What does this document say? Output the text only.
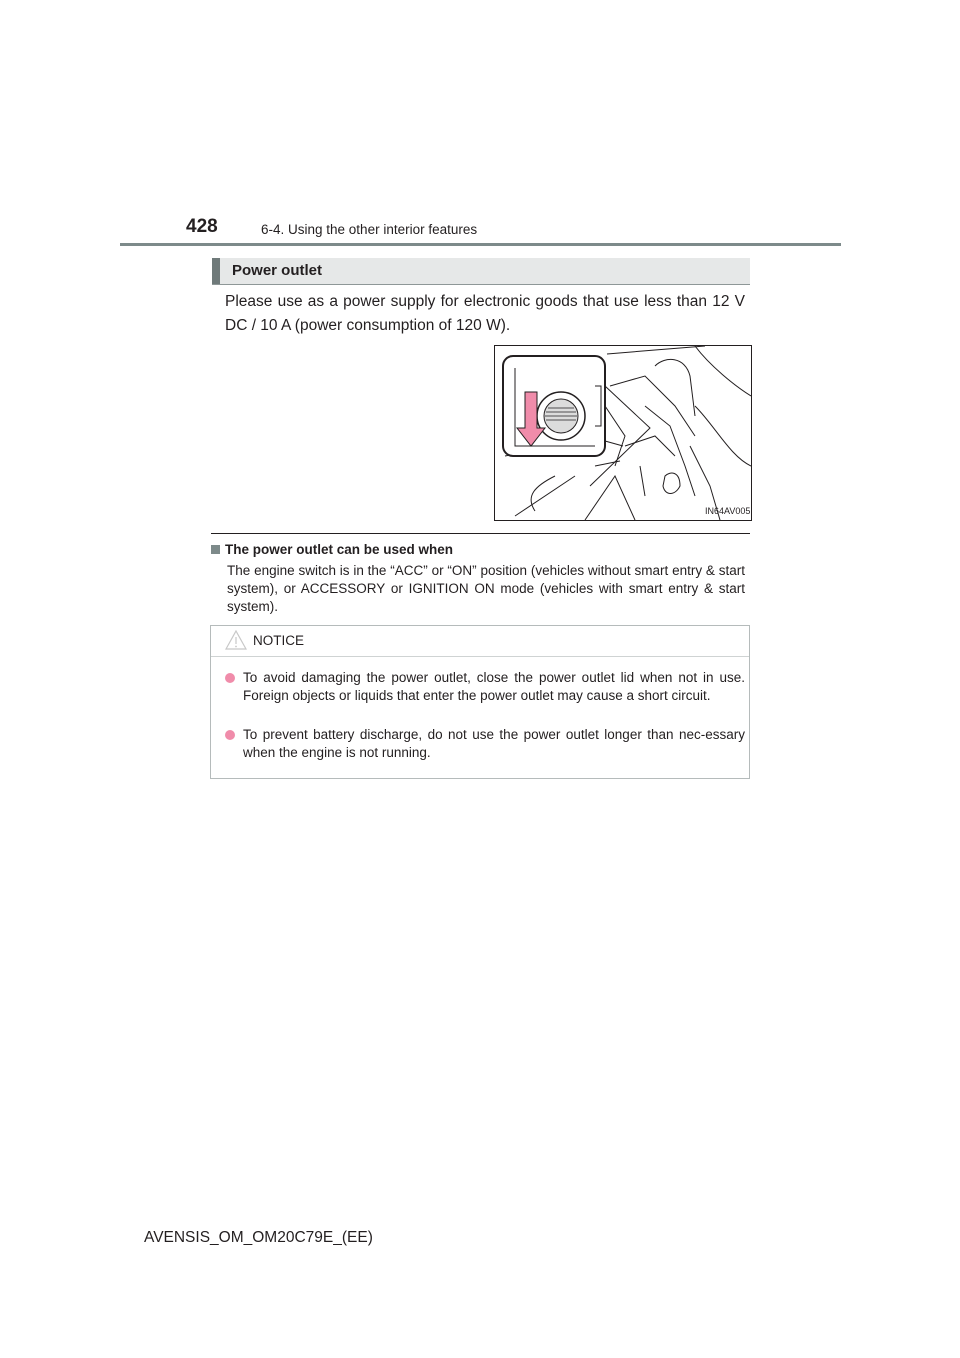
428	6-4. Using the other interior features
Power outlet
Please use as a power supply for electronic goods that use less than 12 V DC / 10 A (power consumption of 120 W).
IN64AV005
The power outlet can be used when
The engine switch is in the “ACC” or “ON” position (vehicles without smart entry & start system), or ACCESSORY or IGNITION ON mode (vehicles with smart entry & start system).
NOTICE
To avoid damaging the power outlet, close the power outlet lid when not in use. Foreign objects or liquids that enter the power outlet may cause a short circuit.
To prevent battery discharge, do not use the power outlet longer than nec-essary when the engine is not running.
AVENSIS_OM_OM20C79E_(EE)
